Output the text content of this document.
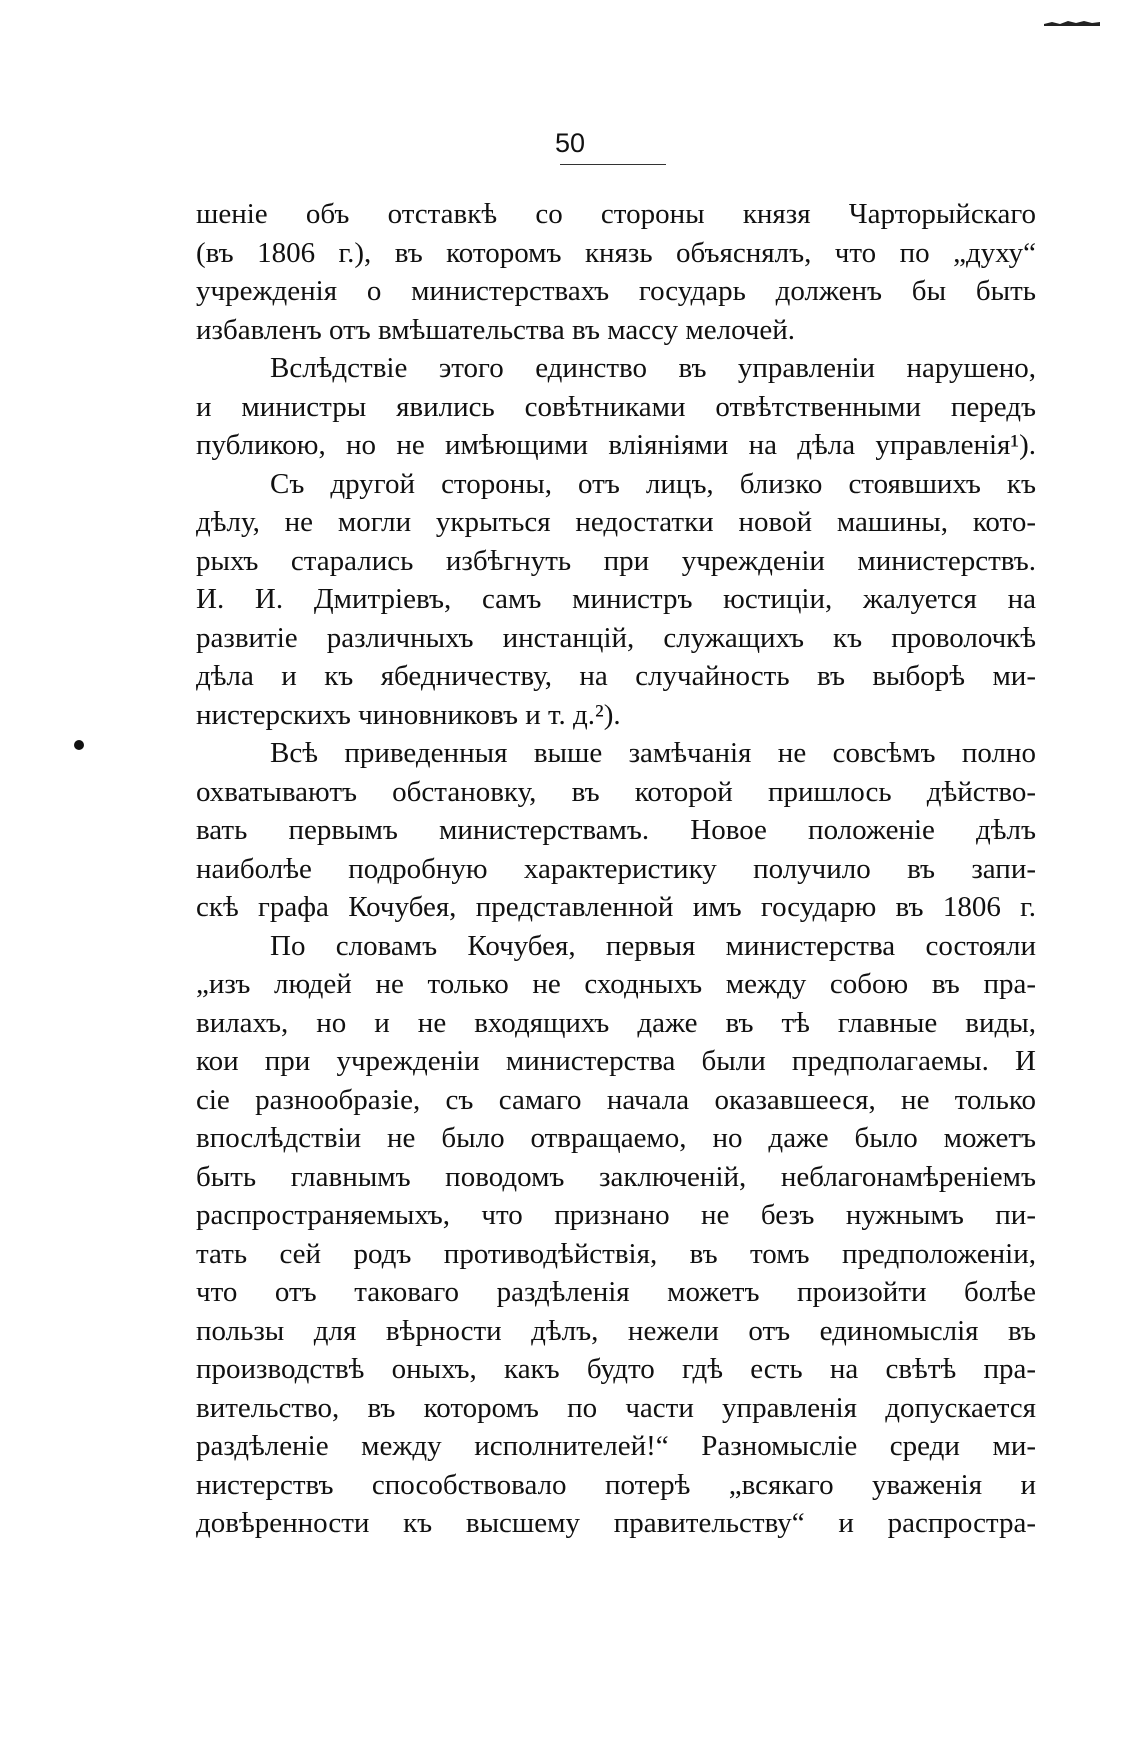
50
шеніе объ отставкѣ со стороны князя Чарторыйскаго
(въ 1806 г.), въ которомъ князь объяснялъ, что по „духу“
учрежденія о министерствахъ государь долженъ бы быть
избавленъ отъ вмѣшательства въ массу мелочей.
Вслѣдствіе этого единство въ управленіи нарушено,
и министры явились совѣтниками отвѣтственными передъ
публикою, но не имѣющими вліяніями на дѣла управленія¹).
Съ другой стороны, отъ лицъ, близко стоявшихъ къ
дѣлу, не могли укрыться недостатки новой машины, кото-
рыхъ старались избѣгнуть при учрежденіи министерствъ.
И. И. Дмитріевъ, самъ министръ юстиціи, жалуется на
развитіе различныхъ инстанцій, служащихъ къ проволочкѣ
дѣла и къ ябедничеству, на случайность въ выборѣ ми-
нистерскихъ чиновниковъ и т. д.²).
Всѣ приведенныя выше замѣчанія не совсѣмъ полно
охватываютъ обстановку, въ которой пришлось дѣйство-
вать первымъ министерствамъ. Новое положеніе дѣлъ
наиболѣе подробную характеристику получило въ запи-
скѣ графа Кочубея, представленной имъ государю въ 1806 г.
По словамъ Кочубея, первыя министерства состояли
„изъ людей не только не сходныхъ между собою въ пра-
вилахъ, но и не входящихъ даже въ тѣ главные виды,
кои при учрежденіи министерства были предполагаемы. И
сіе разнообразіе, съ самаго начала оказавшееся, не только
впослѣдствіи не было отвращаемо, но даже было можетъ
быть главнымъ поводомъ заключеній, неблагонамѣреніемъ
распространяемыхъ, что признано не безъ нужнымъ пи-
тать сей родъ противодѣйствія, въ томъ предположеніи,
что отъ таковаго раздѣленія можетъ произойти болѣе
пользы для вѣрности дѣлъ, нежели отъ единомыслія въ
производствѣ оныхъ, какъ будто гдѣ есть на свѣтѣ пра-
вительство, въ которомъ по части управленія допускается
раздѣленіе между исполнителей!“ Разномысліе среди ми-
нистерствъ способствовало потерѣ „всякаго уваженія и
довѣренности къ высшему правительству“ и распростра-
